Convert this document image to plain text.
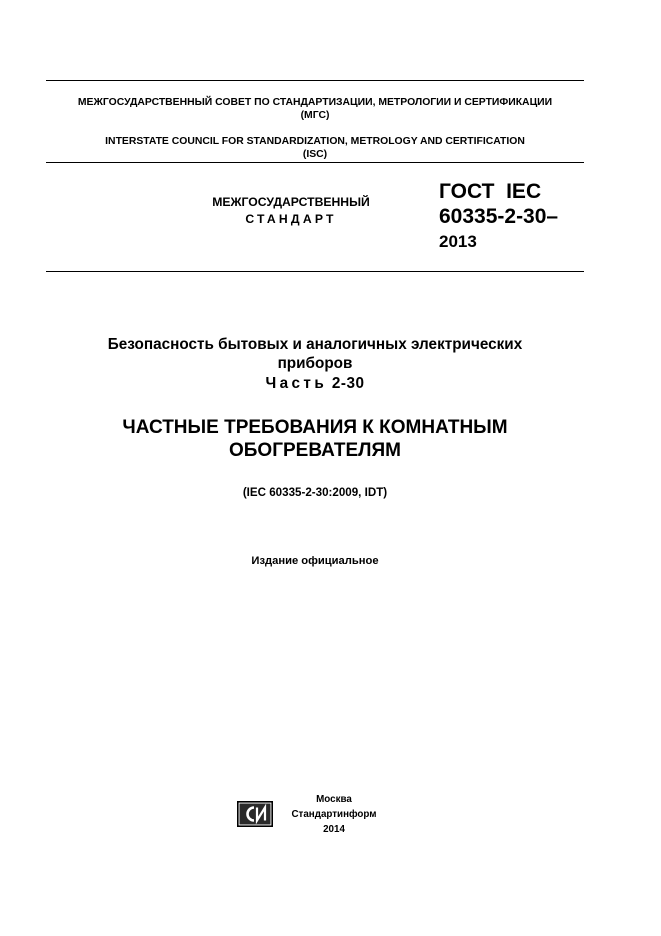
МЕЖГОСУДАРСТВЕННЫЙ СОВЕТ ПО СТАНДАРТИЗАЦИИ, МЕТРОЛОГИИ И СЕРТИФИКАЦИИ
(МГС)
INTERSTATE COUNCIL FOR STANDARDIZATION, METROLOGY AND CERTIFICATION
(ISC)
МЕЖГОСУДАРСТВЕННЫЙ
СТАНДАРТ
ГОСТ  IEC
60335-2-30–
2013
Безопасность бытовых и аналогичных электрических
приборов
Часть 2-30
ЧАСТНЫЕ ТРЕБОВАНИЯ К КОМНАТНЫМ
ОБОГРЕВАТЕЛЯМ
(IEC 60335-2-30:2009, IDT)
Издание официальное
Москва
Стандартинформ
2014
